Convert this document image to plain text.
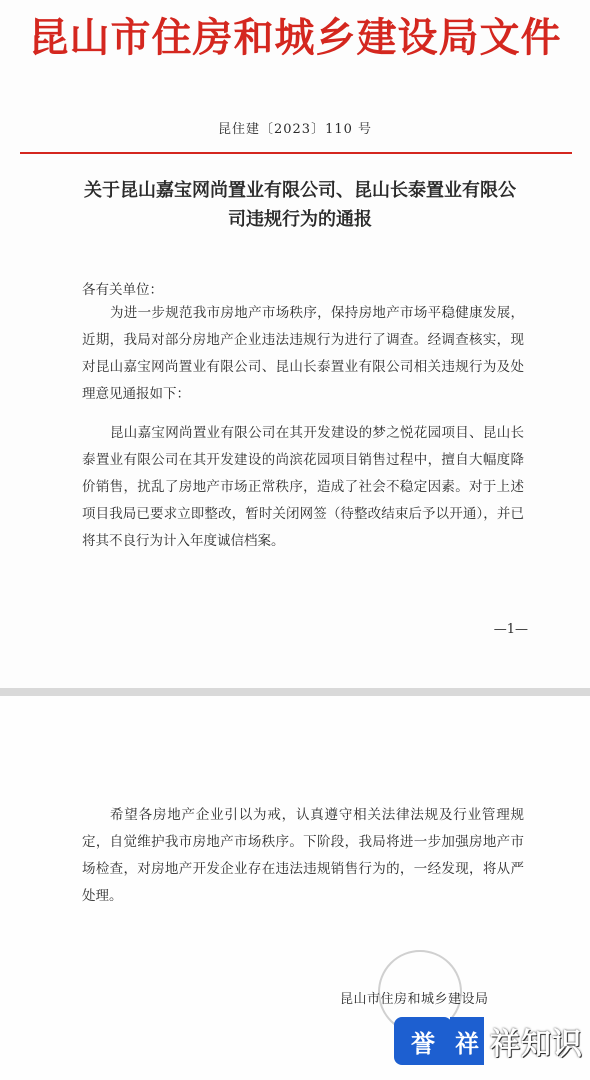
昆山市住房和城乡建设局文件
昆住建〔2023〕110 号
关于昆山嘉宝网尚置业有限公司、昆山长泰置业有限公司违规行为的通报
各有关单位：

为进一步规范我市房地产市场秩序，保持房地产市场平稳健康发展，近期，我局对部分房地产企业违法违规行为进行了调查。经调查核实，现对昆山嘉宝网尚置业有限公司、昆山长泰置业有限公司相关违规行为及处理意见通报如下：

昆山嘉宝网尚置业有限公司在其开发建设的梦之悦花园项目、昆山长泰置业有限公司在其开发建设的尚滨花园项目销售过程中，擅自大幅度降价销售，扰乱了房地产市场正常秩序，造成了社会不稳定因素。对于上述项目我局已要求立即整改，暂时关闭网签（待整改结束后予以开通），并已将其不良行为计入年度诚信档案。

—1—

希望各房地产企业引以为戒，认真遵守相关法律法规及行业管理规定，自觉维护我市房地产市场秩序。下阶段，我局将进一步加强房地产市场检查，对房地产开发企业存在违法违规销售行为的，一经发现，将从严处理。

昆山市住房和城乡建设局
誉 祥 祥知识
